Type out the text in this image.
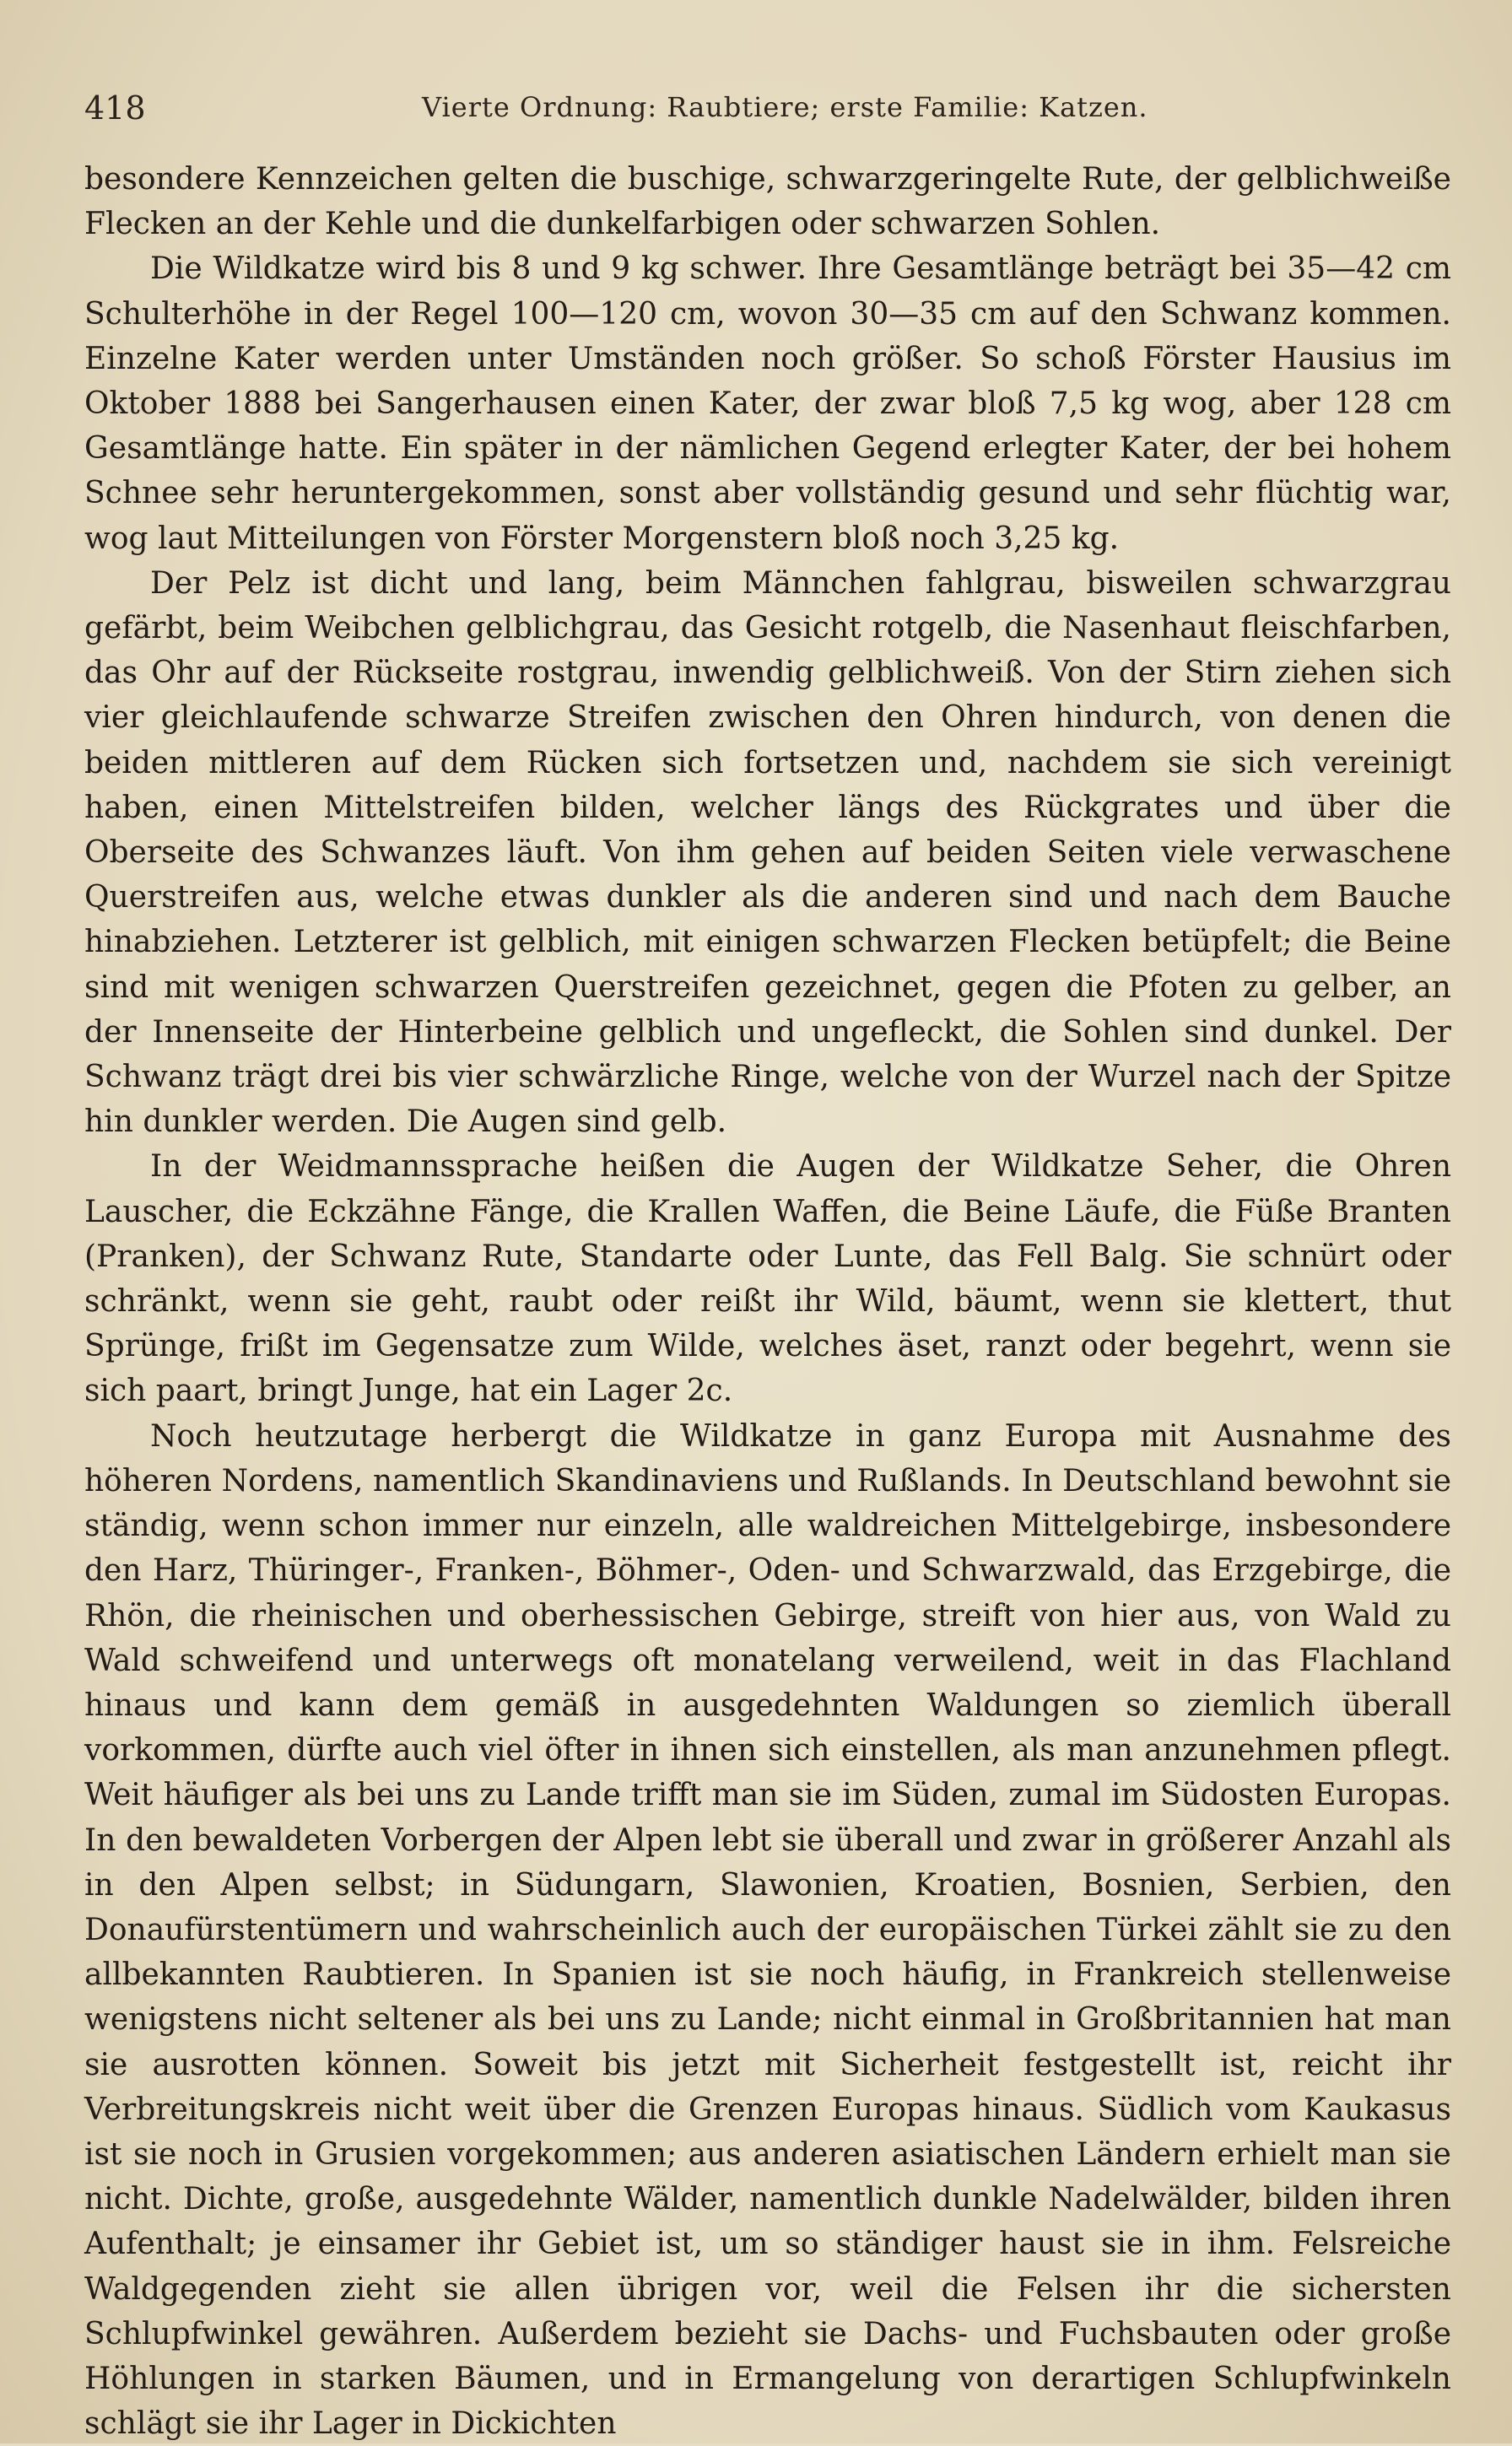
418	Vierte Ordnung: Raubtiere; erste Familie: Katzen.

besondere Kennzeichen gelten die buschige, schwarzgeringelte Rute, der gelblichweiße Flecken an der Kehle und die dunkelfarbigen oder schwarzen Sohlen.

Die Wildkatze wird bis 8 und 9 kg schwer. Ihre Gesamtlänge beträgt bei 35—42 cm Schulterhöhe in der Regel 100—120 cm, wovon 30—35 cm auf den Schwanz kommen. Einzelne Kater werden unter Umständen noch größer. So schoß Förster Hausius im Oktober 1888 bei Sangerhausen einen Kater, der zwar bloß 7,5 kg wog, aber 128 cm Gesamtlänge hatte. Ein später in der nämlichen Gegend erlegter Kater, der bei hohem Schnee sehr heruntergekommen, sonst aber vollständig gesund und sehr flüchtig war, wog laut Mitteilungen von Förster Morgenstern bloß noch 3,25 kg.

Der Pelz ist dicht und lang, beim Männchen fahlgrau, bisweilen schwarzgrau gefärbt, beim Weibchen gelblichgrau, das Gesicht rotgelb, die Nasenhaut fleischfarben, das Ohr auf der Rückseite rostgrau, inwendig gelblichweiß. Von der Stirn ziehen sich vier gleichlaufende schwarze Streifen zwischen den Ohren hindurch, von denen die beiden mittleren auf dem Rücken sich fortsetzen und, nachdem sie sich vereinigt haben, einen Mittelstreifen bilden, welcher längs des Rückgrates und über die Oberseite des Schwanzes läuft. Von ihm gehen auf beiden Seiten viele verwaschene Querstreifen aus, welche etwas dunkler als die anderen sind und nach dem Bauche hinabziehen. Letzterer ist gelblich, mit einigen schwarzen Flecken betüpfelt; die Beine sind mit wenigen schwarzen Querstreifen gezeichnet, gegen die Pfoten zu gelber, an der Innenseite der Hinterbeine gelblich und ungefleckt, die Sohlen sind dunkel. Der Schwanz trägt drei bis vier schwärzliche Ringe, welche von der Wurzel nach der Spitze hin dunkler werden. Die Augen sind gelb.

In der Weidmannssprache heißen die Augen der Wildkatze Seher, die Ohren Lauscher, die Eckzähne Fänge, die Krallen Waffen, die Beine Läufe, die Füße Branten (Pranken), der Schwanz Rute, Standarte oder Lunte, das Fell Balg. Sie schnürt oder schränkt, wenn sie geht, raubt oder reißt ihr Wild, bäumt, wenn sie klettert, thut Sprünge, frißt im Gegensatze zum Wilde, welches äset, ranzt oder begehrt, wenn sie sich paart, bringt Junge, hat ein Lager 2c.

Noch heutzutage herbergt die Wildkatze in ganz Europa mit Ausnahme des höheren Nordens, namentlich Skandinaviens und Rußlands. In Deutschland bewohnt sie ständig, wenn schon immer nur einzeln, alle waldreichen Mittelgebirge, insbesondere den Harz, Thüringer-, Franken-, Böhmer-, Oden- und Schwarzwald, das Erzgebirge, die Rhön, die rheinischen und oberhessischen Gebirge, streift von hier aus, von Wald zu Wald schweifend und unterwegs oft monatelang verweilend, weit in das Flachland hinaus und kann dem gemäß in ausgedehnten Waldungen so ziemlich überall vorkommen, dürfte auch viel öfter in ihnen sich einstellen, als man anzunehmen pflegt. Weit häufiger als bei uns zu Lande trifft man sie im Süden, zumal im Südosten Europas. In den bewaldeten Vorbergen der Alpen lebt sie überall und zwar in größerer Anzahl als in den Alpen selbst; in Südungarn, Slawonien, Kroatien, Bosnien, Serbien, den Donaufürstentümern und wahrscheinlich auch der europäischen Türkei zählt sie zu den allbekannten Raubtieren. In Spanien ist sie noch häufig, in Frankreich stellenweise wenigstens nicht seltener als bei uns zu Lande; nicht einmal in Großbritannien hat man sie ausrotten können. Soweit bis jetzt mit Sicherheit festgestellt ist, reicht ihr Verbreitungskreis nicht weit über die Grenzen Europas hinaus. Südlich vom Kaukasus ist sie noch in Grusien vorgekommen; aus anderen asiatischen Ländern erhielt man sie nicht. Dichte, große, ausgedehnte Wälder, namentlich dunkle Nadelwälder, bilden ihren Aufenthalt; je einsamer ihr Gebiet ist, um so ständiger haust sie in ihm. Felsreiche Waldgegenden zieht sie allen übrigen vor, weil die Felsen ihr die sichersten Schlupfwinkel gewähren. Außerdem bezieht sie Dachs- und Fuchsbauten oder große Höhlungen in starken Bäumen, und in Ermangelung von derartigen Schlupfwinkeln schlägt sie ihr Lager in Dickichten
